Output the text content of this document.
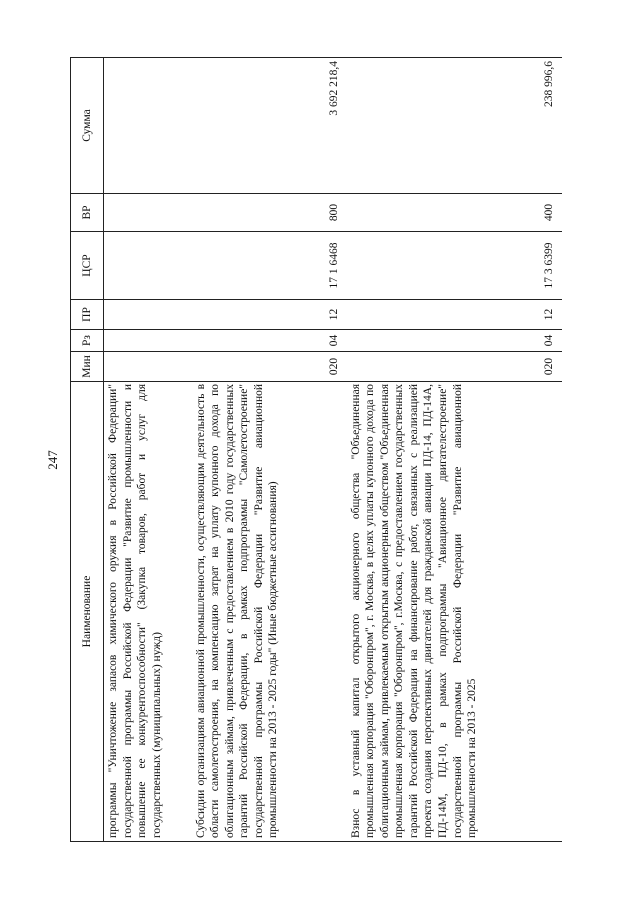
247
Наименование	Мин	Рз	ПР	ЦСР	ВР	Сумма
программы "Уничтожение запасов химического оружия в Российской Федерации" государственной программы Российской Федерации "Развитие промышленности и повышение ее конкурентоспособности" (Закупка товаров, работ и услуг для государственных (муниципальных) нужд)						
Субсидии организациям авиационной промышленности, осуществляющим деятельность в области самолетостроения, на компенсацию затрат на уплату купонного дохода по облигационным займам, привлеченным с предоставлением в 2010 году государственных гарантий Российской Федерации, в рамках подпрограммы "Самолетостроение" государственной программы Российской Федерации "Развитие авиационной промышленности на 2013 - 2025 годы" (Иные бюджетные ассигнования)	020	04	12	17 1 6468	800	3 692 218,4
Взнос в уставный капитал открытого акционерного общества "Объединенная промышленная корпорация "Оборонпром", г. Москва, в целях уплаты купонного дохода по облигационным займам, привлекаемым открытым акционерным обществом "Объединенная промышленная корпорация "Оборонпром", г.Москва, с предоставлением государственных гарантий Российской Федерации на финансирование работ, связанных с реализацией проекта создания перспективных двигателей для гражданской авиации ПД-14, ПД-14А, ПД-14М, ПД-10, в рамках подпрограммы "Авиационное двигателестроение" государственной программы Российской Федерации "Развитие авиационной промышленности на 2013 - 2025	020	04	12	17 3 6399	400	238 996,6
